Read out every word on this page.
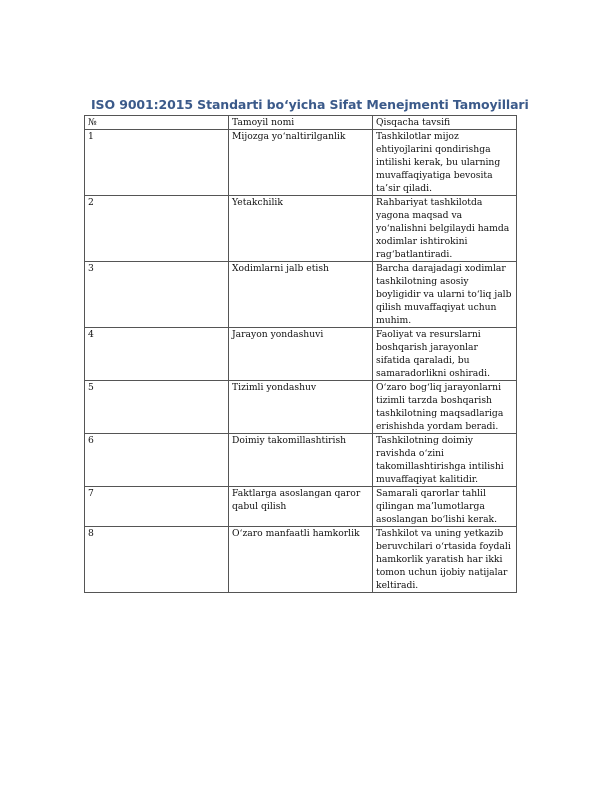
ISO 9001:2015 Standarti bo‘yicha Sifat Menejmenti Tamoyillari
№	Tamoyil nomi	Qisqacha tavsifi
1	Mijozga yo‘naltirilganlik	Tashkilotlar mijoz ehtiyojlarini qondirishga intilishi kerak, bu ularning muvaffaqiyatiga bevosita ta’sir qiladi.
2	Yetakchilik	Rahbariyat tashkilotda yagona maqsad va yo‘nalishni belgilaydi hamda xodimlar ishtirokini rag‘batlantiradi.
3	Xodimlarni jalb etish	Barcha darajadagi xodimlar tashkilotning asosiy boyligidir va ularni to‘liq jalb qilish muvaffaqiyat uchun muhim.
4	Jarayon yondashuvi	Faoliyat va resurslarni boshqarish jarayonlar sifatida qaraladi, bu samaradorlikni oshiradi.
5	Tizimli yondashuv	O‘zaro bog‘liq jarayonlarni tizimli tarzda boshqarish tashkilotning maqsadlariga erishishda yordam beradi.
6	Doimiy takomillashtirish	Tashkilotning doimiy ravishda o‘zini takomillashtirishga intilishi muvaffaqiyat kalitidir.
7	Faktlarga asoslangan qaror qabul qilish	Samarali qarorlar tahlil qilingan ma’lumotlarga asoslangan bo‘lishi kerak.
8	O‘zaro manfaatli hamkorlik	Tashkilot va uning yetkazib beruvchilari o‘rtasida foydali hamkorlik yaratish har ikki tomon uchun ijobiy natijalar keltiradi.
